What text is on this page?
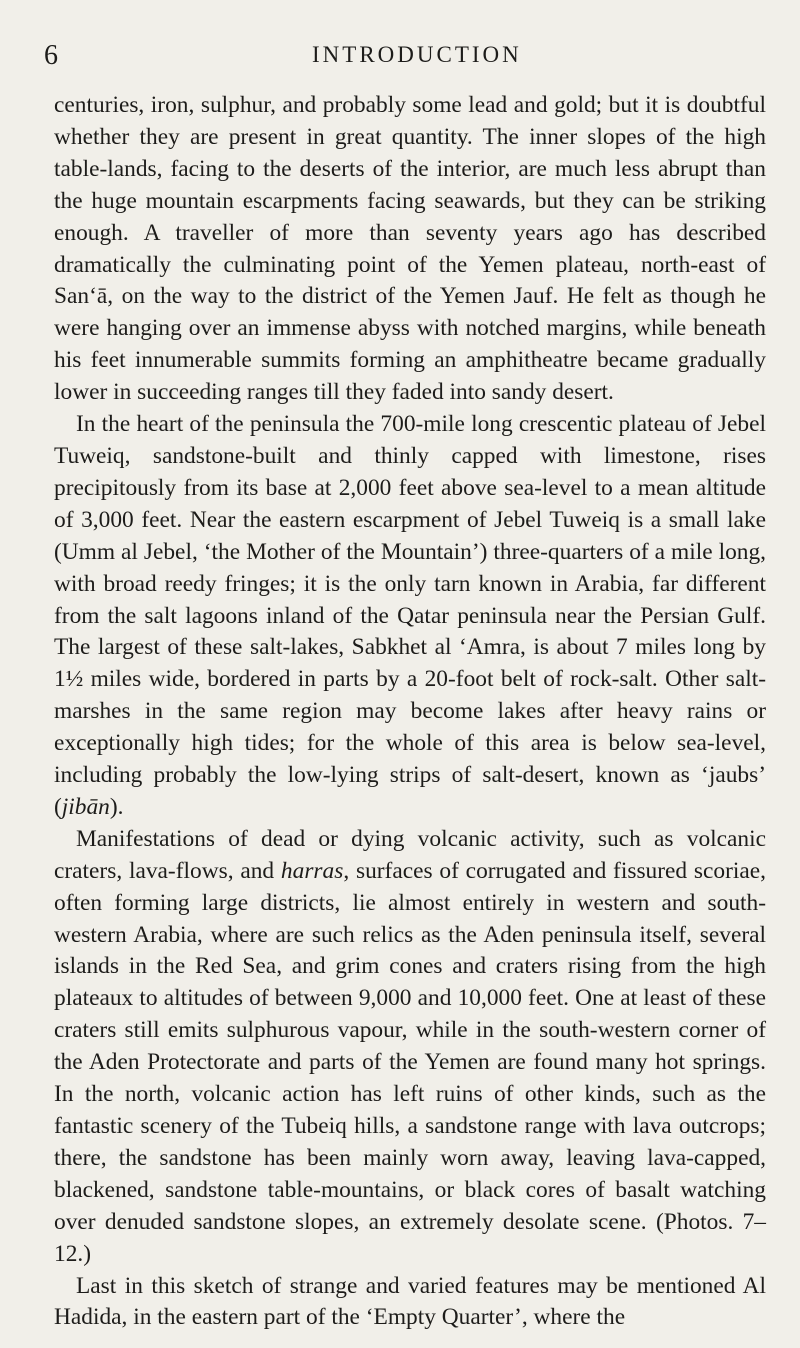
6	INTRODUCTION

centuries, iron, sulphur, and probably some lead and gold; but it is doubtful whether they are present in great quantity. The inner slopes of the high table-lands, facing to the deserts of the interior, are much less abrupt than the huge mountain escarpments facing seawards, but they can be striking enough. A traveller of more than seventy years ago has described dramatically the culminating point of the Yemen plateau, north-east of San‘ā, on the way to the district of the Yemen Jauf. He felt as though he were hanging over an immense abyss with notched margins, while beneath his feet innumerable summits forming an amphitheatre became gradually lower in succeeding ranges till they faded into sandy desert.

In the heart of the peninsula the 700-mile long crescentic plateau of Jebel Tuweiq, sandstone-built and thinly capped with limestone, rises precipitously from its base at 2,000 feet above sea-level to a mean altitude of 3,000 feet. Near the eastern escarpment of Jebel Tuweiq is a small lake (Umm al Jebel, ‘the Mother of the Mountain’) three-quarters of a mile long, with broad reedy fringes; it is the only tarn known in Arabia, far different from the salt lagoons inland of the Qatar peninsula near the Persian Gulf. The largest of these salt-lakes, Sabkhet al ‘Amra, is about 7 miles long by 1½ miles wide, bordered in parts by a 20-foot belt of rock-salt. Other salt-marshes in the same region may become lakes after heavy rains or exceptionally high tides; for the whole of this area is below sea-level, including probably the low-lying strips of salt-desert, known as ‘jaubs’ (jibān).

Manifestations of dead or dying volcanic activity, such as volcanic craters, lava-flows, and harras, surfaces of corrugated and fissured scoriae, often forming large districts, lie almost entirely in western and south-western Arabia, where are such relics as the Aden peninsula itself, several islands in the Red Sea, and grim cones and craters rising from the high plateaux to altitudes of between 9,000 and 10,000 feet. One at least of these craters still emits sulphurous vapour, while in the south-western corner of the Aden Protectorate and parts of the Yemen are found many hot springs. In the north, volcanic action has left ruins of other kinds, such as the fantastic scenery of the Tubeiq hills, a sandstone range with lava outcrops; there, the sandstone has been mainly worn away, leaving lava-capped, blackened, sandstone table-mountains, or black cores of basalt watching over denuded sandstone slopes, an extremely desolate scene. (Photos. 7–12.)

Last in this sketch of strange and varied features may be mentioned Al Hadida, in the eastern part of the ‘Empty Quarter’, where the
